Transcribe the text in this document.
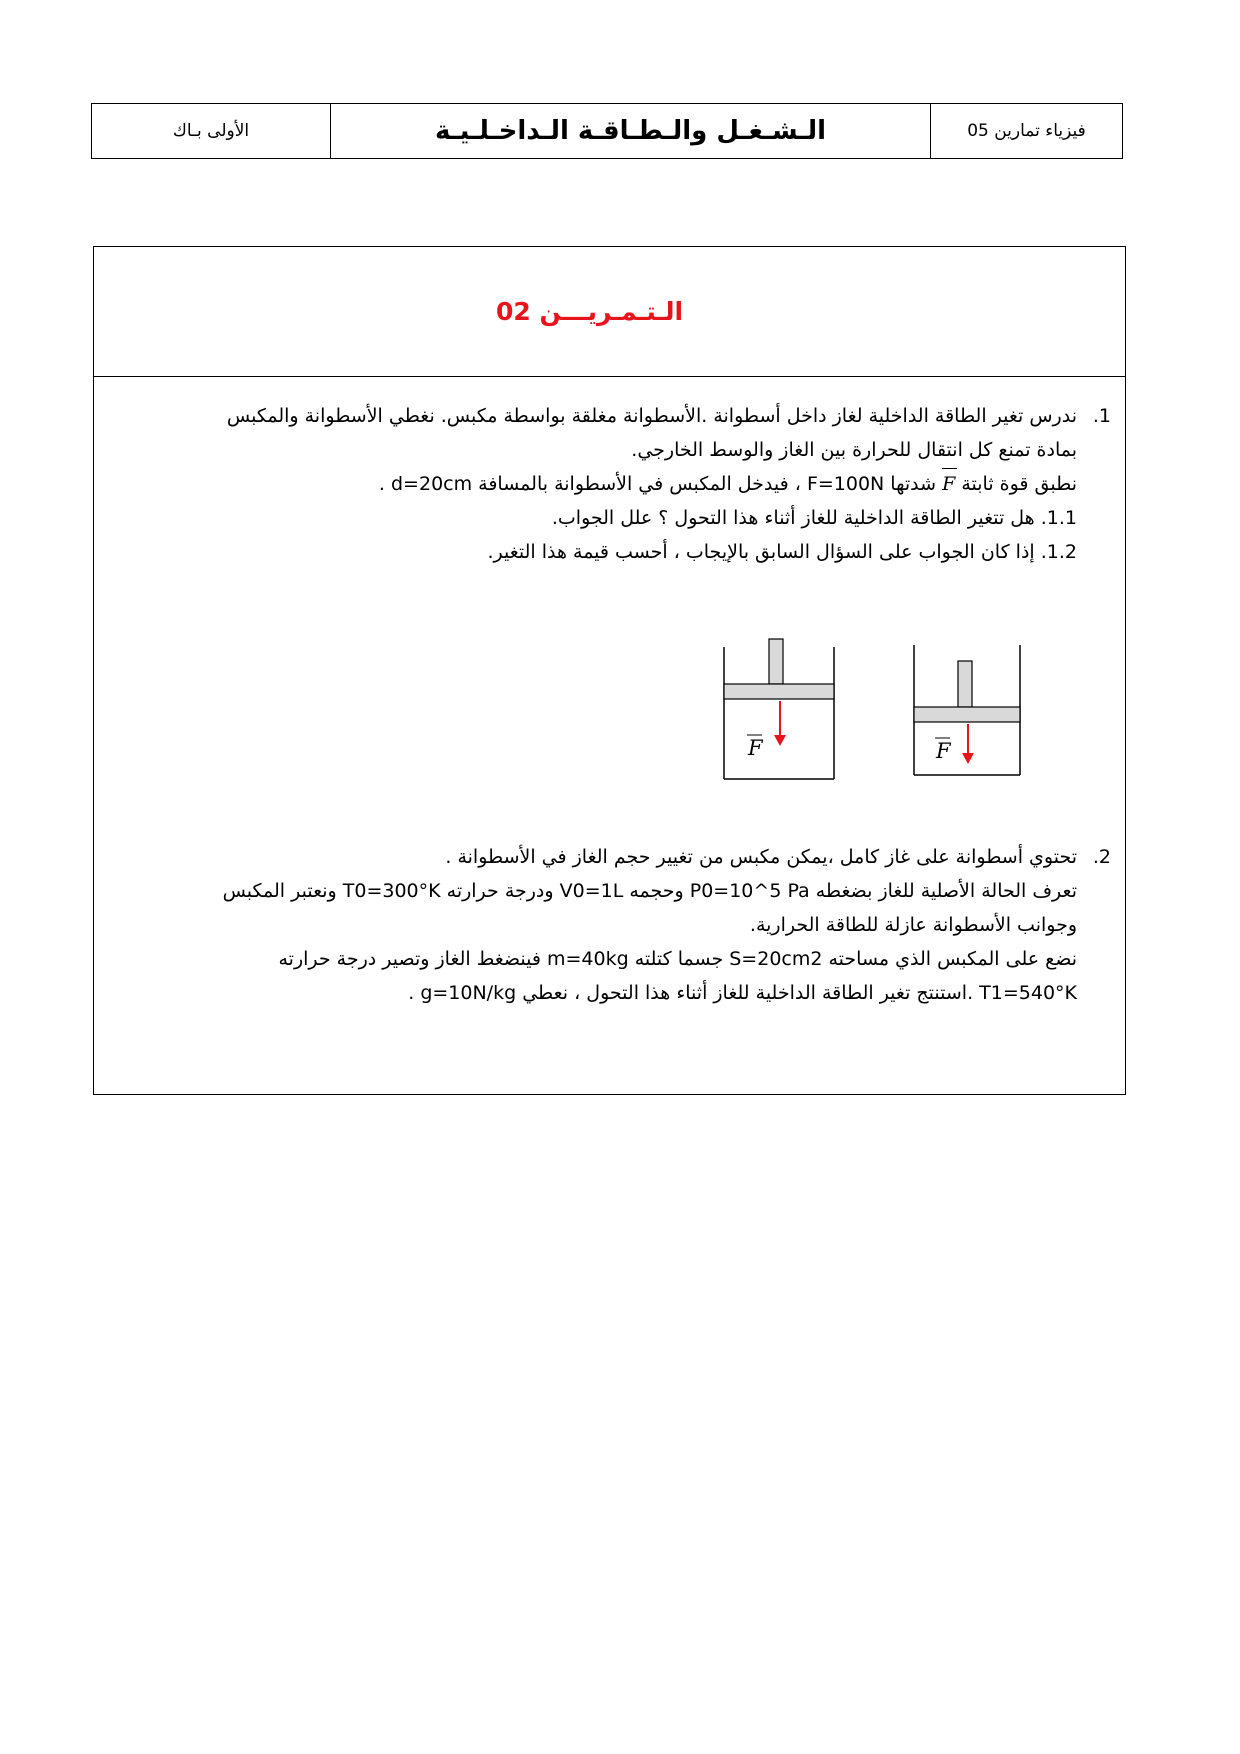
الأولى بـاك	الـشـغـل والـطـاقـة الـداخـلـيـة	فيزياء تمارين 05
الـتـمـريـــن 02
.1
ندرس تغير الطاقة الداخلية لغاز داخل أسطوانة .الأسطوانة مغلقة بواسطة مكبس. نغطي الأسطوانة والمكبس
بمادة تمنع كل انتقال للحرارة بين الغاز والوسط الخارجي.
نطبق قوة ثابتة F شدتها F=100N ، فيدخل المكبس في الأسطوانة بالمسافة d=20cm .
1.1. هل تتغير الطاقة الداخلية للغاز أثناء هذا التحول ؟ علل الجواب.
1.2. إذا كان الجواب على السؤال السابق بالإيجاب ، أحسب قيمة هذا التغير.
F	F
.2
تحتوي أسطوانة على غاز كامل ،يمكن مكبس من تغيير حجم الغاز في الأسطوانة .
تعرف الحالة الأصلية للغاز بضغطه P0=10^5 Pa وحجمه V0=1L ودرجة حرارته T0=300°K ونعتبر المكبس
وجوانب الأسطوانة عازلة للطاقة الحرارية.
نضع على المكبس الذي مساحته S=20cm2 جسما كتلته m=40kg فينضغط الغاز وتصير درجة حرارته
T1=540°K .استنتج تغير الطاقة الداخلية للغاز أثناء هذا التحول ، نعطي g=10N/kg .
